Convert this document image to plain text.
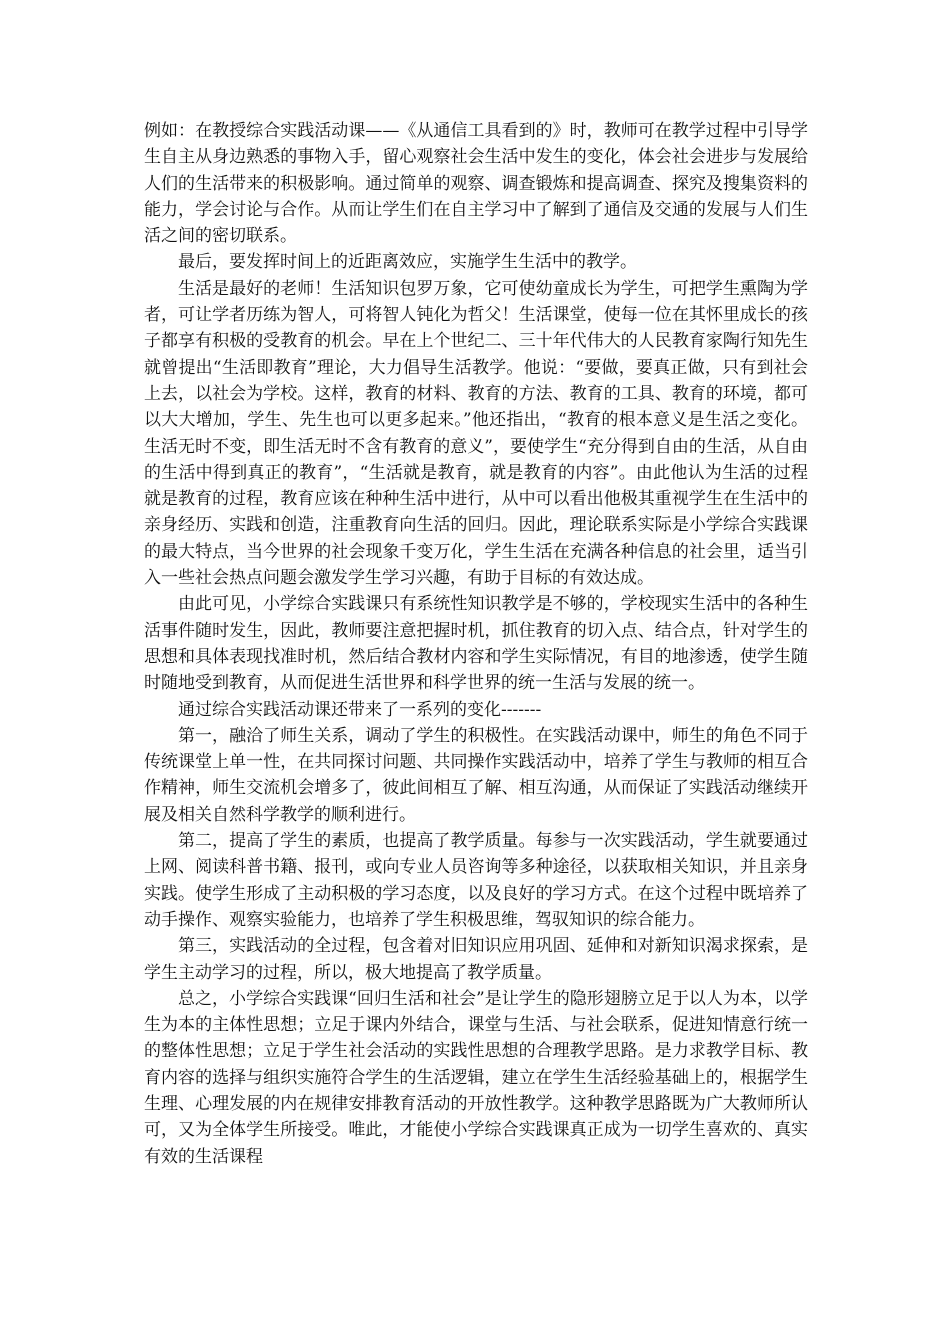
例如：在教授综合实践活动课——《从通信工具看到的》时，教师可在教学过程中引导学生自主从身边熟悉的事物入手，留心观察社会生活中发生的变化，体会社会进步与发展给人们的生活带来的积极影响。通过简单的观察、调查锻炼和提高调查、探究及搜集资料的能力，学会讨论与合作。从而让学生们在自主学习中了解到了通信及交通的发展与人们生活之间的密切联系。

最后，要发挥时间上的近距离效应，实施学生生活中的教学。

生活是最好的老师！生活知识包罗万象，它可使幼童成长为学生，可把学生熏陶为学者，可让学者历练为智人，可将智人钝化为哲父！生活课堂，使每一位在其怀里成长的孩子都享有积极的受教育的机会。早在上个世纪二、三十年代伟大的人民教育家陶行知先生就曾提出“生活即教育”理论，大力倡导生活教学。他说：“要做，要真正做，只有到社会上去，以社会为学校。这样，教育的材料、教育的方法、教育的工具、教育的环境，都可以大大增加，学生、先生也可以更多起来。”他还指出，“教育的根本意义是生活之变化。生活无时不变，即生活无时不含有教育的意义”，要使学生“充分得到自由的生活，从自由的生活中得到真正的教育”，“生活就是教育，就是教育的内容”。由此他认为生活的过程就是教育的过程，教育应该在种种生活中进行，从中可以看出他极其重视学生在生活中的亲身经历、实践和创造，注重教育向生活的回归。因此，理论联系实际是小学综合实践课的最大特点，当今世界的社会现象千变万化，学生生活在充满各种信息的社会里，适当引入一些社会热点问题会激发学生学习兴趣，有助于目标的有效达成。

由此可见，小学综合实践课只有系统性知识教学是不够的，学校现实生活中的各种生活事件随时发生，因此，教师要注意把握时机，抓住教育的切入点、结合点，针对学生的思想和具体表现找准时机，然后结合教材内容和学生实际情况，有目的地渗透，使学生随时随地受到教育，从而促进生活世界和科学世界的统一生活与发展的统一。

通过综合实践活动课还带来了一系列的变化-------

第一，融洽了师生关系，调动了学生的积极性。在实践活动课中，师生的角色不同于传统课堂上单一性，在共同探讨问题、共同操作实践活动中，培养了学生与教师的相互合作精神，师生交流机会增多了，彼此间相互了解、相互沟通，从而保证了实践活动继续开展及相关自然科学教学的顺利进行。

第二，提高了学生的素质，也提高了教学质量。每参与一次实践活动，学生就要通过上网、阅读科普书籍、报刊，或向专业人员咨询等多种途径，以获取相关知识，并且亲身实践。使学生形成了主动积极的学习态度，以及良好的学习方式。在这个过程中既培养了动手操作、观察实验能力，也培养了学生积极思维，驾驭知识的综合能力。

第三，实践活动的全过程，包含着对旧知识应用巩固、延伸和对新知识渴求探索，是学生主动学习的过程，所以，极大地提高了教学质量。

总之，小学综合实践课“回归生活和社会”是让学生的隐形翅膀立足于以人为本，以学生为本的主体性思想；立足于课内外结合，课堂与生活、与社会联系，促进知情意行统一的整体性思想；立足于学生社会活动的实践性思想的合理教学思路。是力求教学目标、教育内容的选择与组织实施符合学生的生活逻辑，建立在学生生活经验基础上的，根据学生生理、心理发展的内在规律安排教育活动的开放性教学。这种教学思路既为广大教师所认可，又为全体学生所接受。唯此，才能使小学综合实践课真正成为一切学生喜欢的、真实有效的生活课程
